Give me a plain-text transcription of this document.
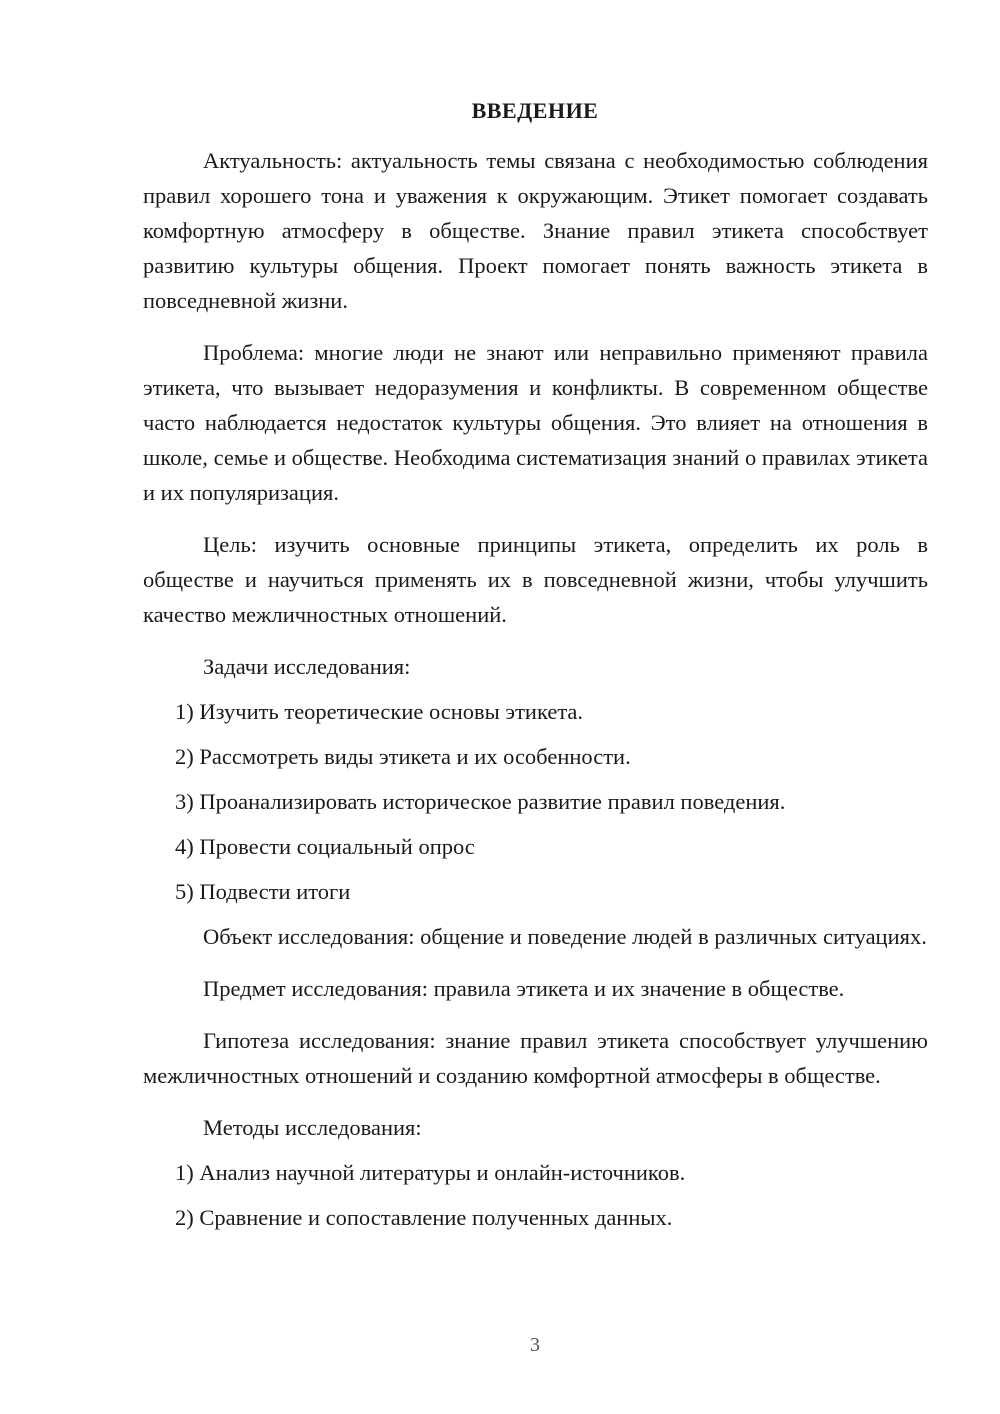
ВВЕДЕНИЕ

Актуальность: актуальность темы связана с необходимостью соблюдения правил хорошего тона и уважения к окружающим. Этикет помогает создавать комфортную атмосферу в обществе. Знание правил этикета способствует развитию культуры общения. Проект помогает понять важность этикета в повседневной жизни.

Проблема: многие люди не знают или неправильно применяют правила этикета, что вызывает недоразумения и конфликты. В современном обществе часто наблюдается недостаток культуры общения. Это влияет на отношения в школе, семье и обществе. Необходима систематизация знаний о правилах этикета и их популяризация.

Цель: изучить основные принципы этикета, определить их роль в обществе и научиться применять их в повседневной жизни, чтобы улучшить качество межличностных отношений.

Задачи исследования:

1) Изучить теоретические основы этикета.

2) Рассмотреть виды этикета и их особенности.

3) Проанализировать историческое развитие правил поведения.

4) Провести социальный опрос

5) Подвести итоги

Объект исследования: общение и поведение людей в различных ситуациях.

Предмет исследования: правила этикета и их значение в обществе.

Гипотеза исследования: знание правил этикета способствует улучшению межличностных отношений и созданию комфортной атмосферы в обществе.

Методы исследования:

1) Анализ научной литературы и онлайн-источников.

2) Сравнение и сопоставление полученных данных.

3
